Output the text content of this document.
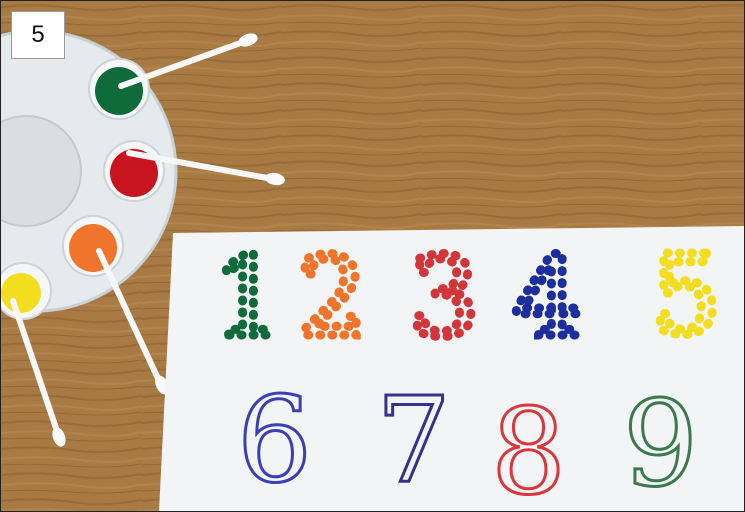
1 2 3 4 5
6 7 8 9
5
